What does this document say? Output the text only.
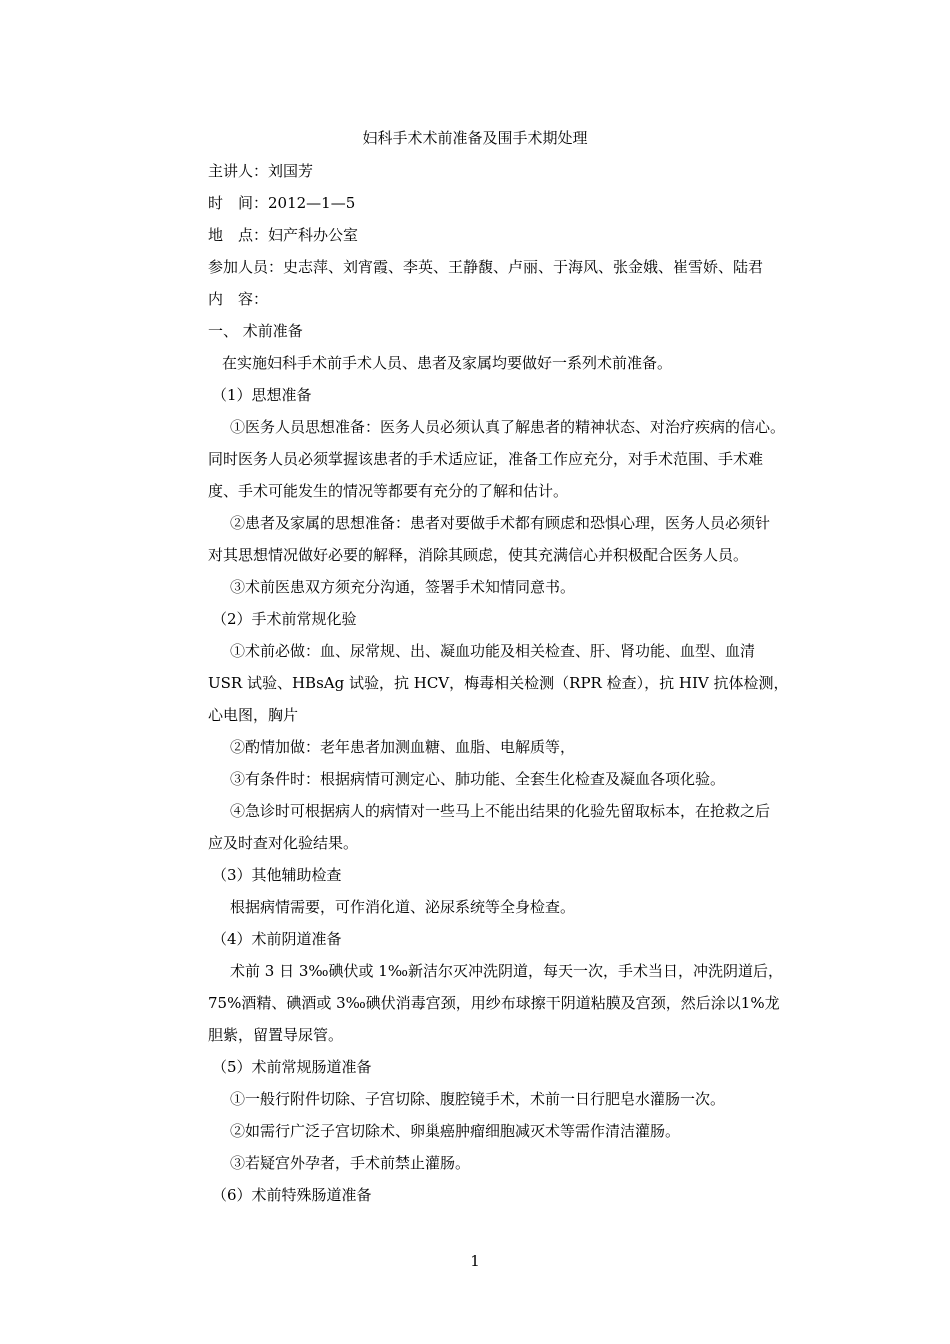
妇科手术术前准备及围手术期处理
主讲人：刘国芳
时　间：2012—1—5
地　点：妇产科办公室
参加人员：史志萍、刘宵霞、李英、王静馥、卢丽、于海风、张金娥、崔雪娇、陆君
内　容：
一、 术前准备
在实施妇科手术前手术人员、患者及家属均要做好一系列术前准备。
（1）思想准备
①医务人员思想准备：医务人员必须认真了解患者的精神状态、对治疗疾病的信心。
同时医务人员必须掌握该患者的手术适应证，准备工作应充分，对手术范围、手术难
度、手术可能发生的情况等都要有充分的了解和估计。
②患者及家属的思想准备：患者对要做手术都有顾虑和恐惧心理，医务人员必须针
对其思想情况做好必要的解释，消除其顾虑，使其充满信心并积极配合医务人员。
③术前医患双方须充分沟通，签署手术知情同意书。
（2）手术前常规化验
①术前必做：血、尿常规、出、凝血功能及相关检查、肝、肾功能、血型、血清
USR 试验、HBsAg 试验，抗 HCV，梅毒相关检测（RPR 检查），抗 HIV 抗体检测，
心电图，胸片
②酌情加做：老年患者加测血糖、血脂、电解质等，
③有条件时：根据病情可测定心、肺功能、全套生化检查及凝血各项化验。
④急诊时可根据病人的病情对一些马上不能出结果的化验先留取标本，在抢救之后
应及时查对化验结果。
（3）其他辅助检查
根据病情需要，可作消化道、泌尿系统等全身检查。
（4）术前阴道准备
术前 3 日 3‰碘伏或 1‰新洁尔灭冲洗阴道，每天一次，手术当日，冲洗阴道后，
75%酒精、碘酒或 3‰碘伏消毒宫颈，用纱布球擦干阴道粘膜及宫颈，然后涂以1%龙
胆紫，留置导尿管。
（5）术前常规肠道准备
①一般行附件切除、子宫切除、腹腔镜手术，术前一日行肥皂水灌肠一次。
②如需行广泛子宫切除术、卵巢癌肿瘤细胞减灭术等需作清洁灌肠。
③若疑宫外孕者，手术前禁止灌肠。
（6）术前特殊肠道准备
1
